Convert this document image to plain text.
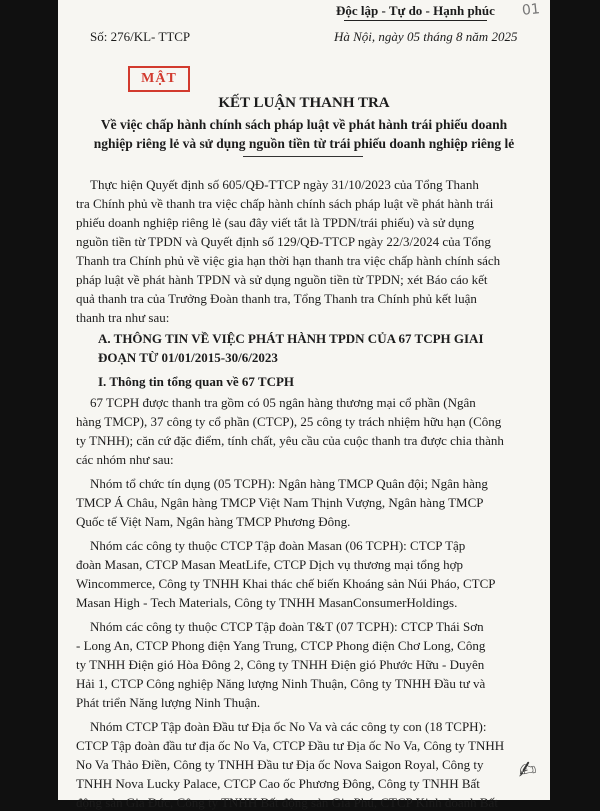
Độc lập - Tự do - Hạnh phúc 01
Số: 276/KL- TTCP	Hà Nội, ngày 05 tháng 8 năm 2025
MẬT
KẾT LUẬN THANH TRA
Về việc chấp hành chính sách pháp luật về phát hành trái phiếu doanh
nghiệp riêng lẻ và sử dụng nguồn tiền từ trái phiếu doanh nghiệp riêng lẻ
Thực hiện Quyết định số 605/QĐ-TTCP ngày 31/10/2023 của Tổng Thanh
tra Chính phủ về thanh tra việc chấp hành chính sách pháp luật về phát hành trái
phiếu doanh nghiệp riêng lẻ (sau đây viết tắt là TPDN/trái phiếu) và sử dụng
nguồn tiền từ TPDN và Quyết định số 129/QĐ-TTCP ngày 22/3/2024 của Tổng
Thanh tra Chính phủ về việc gia hạn thời hạn thanh tra việc chấp hành chính sách
pháp luật về phát hành TPDN và sử dụng nguồn tiền từ TPDN; xét Báo cáo kết
quả thanh tra của Trưởng Đoàn thanh tra, Tổng Thanh tra Chính phủ kết luận
thanh tra như sau:
A. THÔNG TIN VỀ VIỆC PHÁT HÀNH TPDN CỦA 67 TCPH GIAI
ĐOẠN TỪ 01/01/2015-30/6/2023
I. Thông tin tổng quan về 67 TCPH
67 TCPH được thanh tra gồm có 05 ngân hàng thương mại cổ phần (Ngân
hàng TMCP), 37 công ty cổ phần (CTCP), 25 công ty trách nhiệm hữu hạn (Công
ty TNHH); căn cứ đặc điểm, tính chất, yêu cầu của cuộc thanh tra được chia thành
các nhóm như sau:
Nhóm tổ chức tín dụng (05 TCPH): Ngân hàng TMCP Quân đội; Ngân hàng
TMCP Á Châu, Ngân hàng TMCP Việt Nam Thịnh Vượng, Ngân hàng TMCP
Quốc tế Việt Nam, Ngân hàng TMCP Phương Đông.
Nhóm các công ty thuộc CTCP Tập đoàn Masan (06 TCPH): CTCP Tập
đoàn Masan, CTCP Masan MeatLife, CTCP Dịch vụ thương mại tổng hợp
Wincommerce, Công ty TNHH Khai thác chế biến Khoáng sản Núi Pháo, CTCP
Masan High - Tech Materials, Công ty TNHH MasanConsumerHoldings.
Nhóm các công ty thuộc CTCP Tập đoàn T&T (07 TCPH): CTCP Thái Sơn
- Long An, CTCP Phong điện Yang Trung, CTCP Phong điện Chơ Long, Công
ty TNHH Điện gió Hòa Đông 2, Công ty TNHH Điện gió Phước Hữu - Duyên
Hải 1, CTCP Công nghiệp Năng lượng Ninh Thuận, Công ty TNHH Đầu tư và
Phát triển Năng lượng Ninh Thuận.
Nhóm CTCP Tập đoàn Đầu tư Địa ốc No Va và các công ty con (18 TCPH):
CTCP Tập đoàn đầu tư địa ốc No Va, CTCP Đầu tư Địa ốc No Va, Công ty TNHH
No Va Thảo Điền, Công ty TNHH Đầu tư Địa ốc Nova Saigon Royal, Công ty
TNHH Nova Lucky Palace, CTCP Cao ốc Phương Đông, Công ty TNHH Bất
động sản Gia Đức, Công ty TNHH Bất động sản Gia Phú, CTCP Kinh doanh Bất
✍
